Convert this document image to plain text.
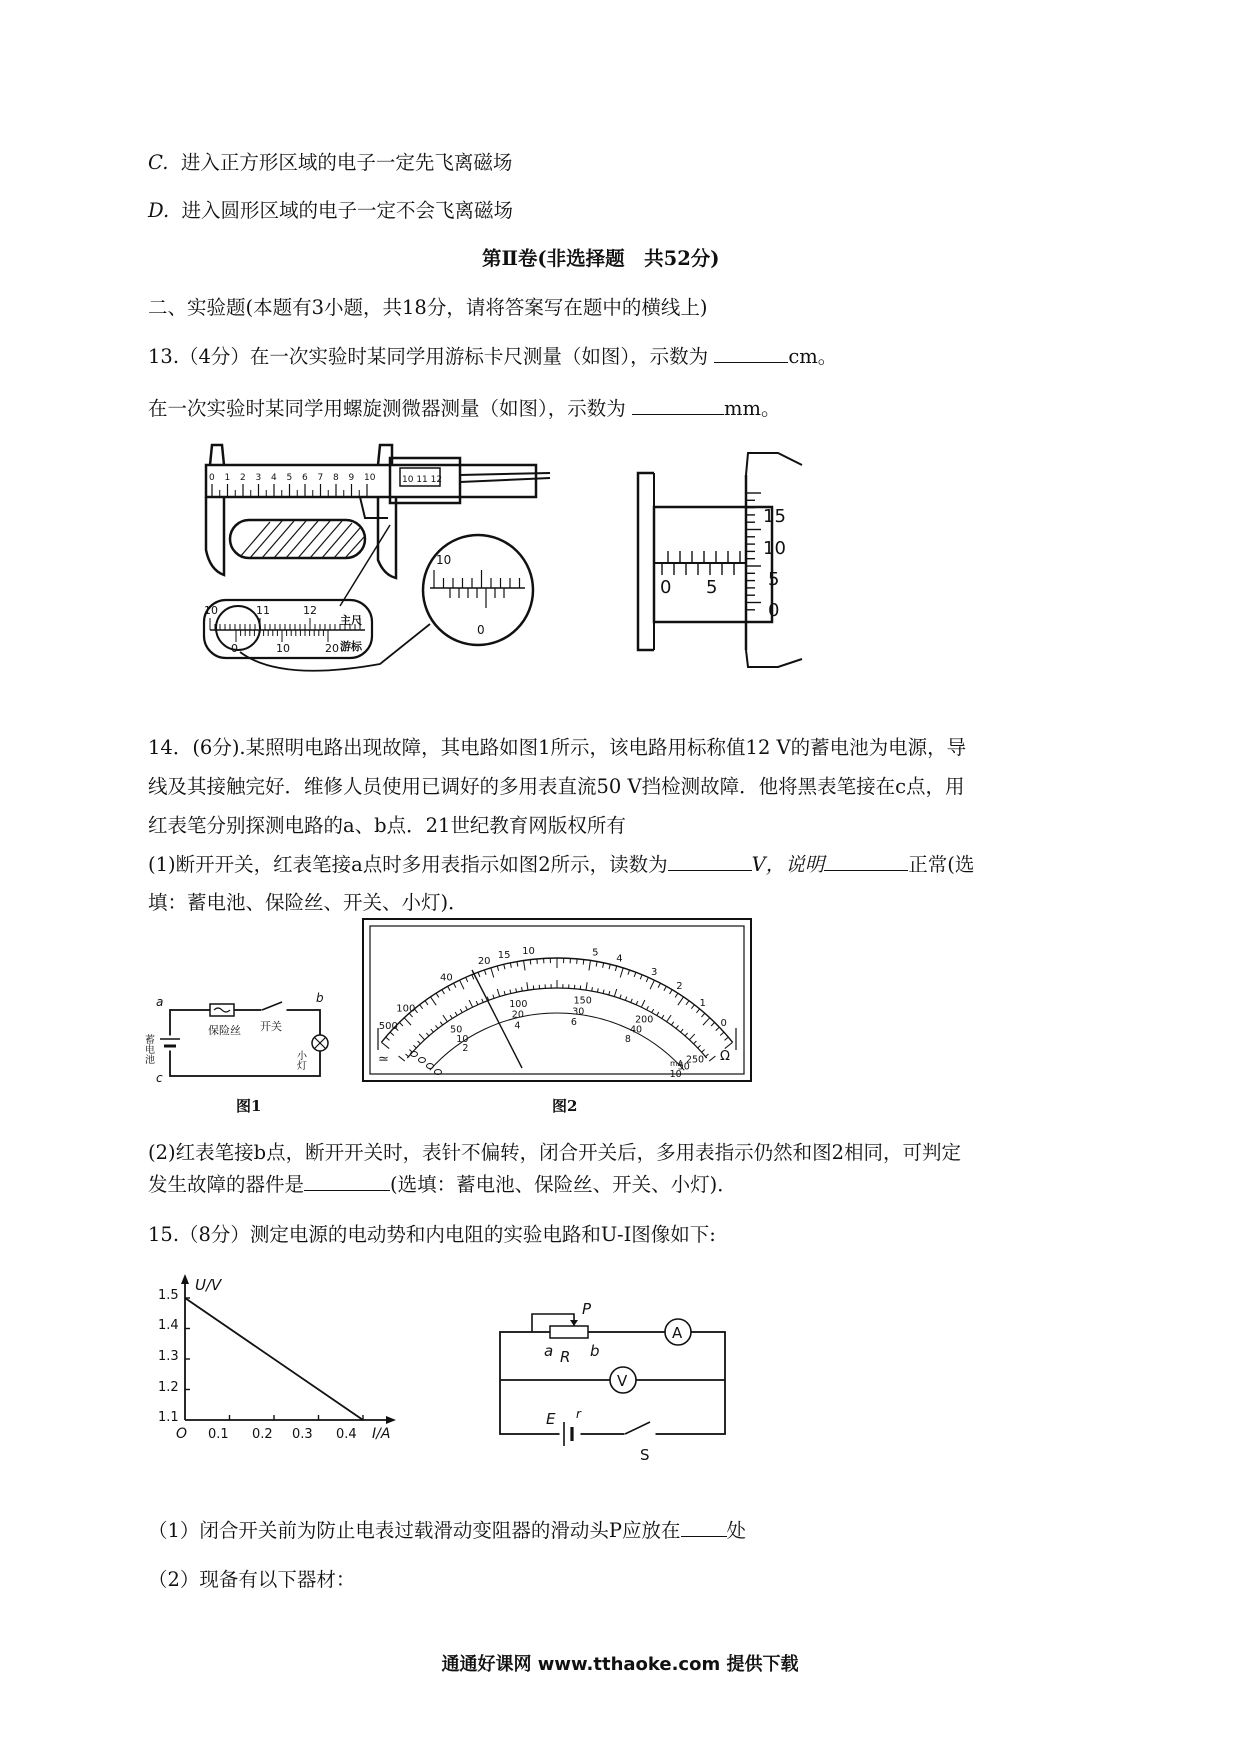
C. 进入正方形区域的电子一定先飞离磁场
D. 进入圆形区域的电子一定不会飞离磁场
第Ⅱ卷(非选择题　共52分)
二、实验题(本题有3小题，共18分，请将答案写在题中的横线上)
13.（4分）在一次实验时某同学用游标卡尺测量（如图），示数为	cm。
在一次实验时某同学用螺旋测微器测量（如图），示数为	mm。
10 11 12
0 1 2 3 4 5 6 7 8 9 10
10	11	12
0	10	20
主尺
游标
10
0
0 5
15
10
5
0
14．(6分).某照明电路出现故障，其电路如图1所示，该电路用标称值12 V的蓄电池为电源，导
线及其接触完好．维修人员使用已调好的多用表直流50 V挡检测故障．他将黑表笔接在c点，用
红表笔分别探测电路的a、b点．21世纪教育网版权所有
(1)断开开关，红表笔接a点时多用表指示如图2所示，读数为	V，说明	正常(选
填：蓄电池、保险丝、开关、小灯)．
a	b
c
保险丝 开关
蓄电池	小灯
图1
500
100
40
20
15 10	5
4
3
2
1
0
50
100	150
200
250
10
20	30
40
50
2
4	6
8
10
≃	Ω
mA
图2
(2)红表笔接b点，断开开关时，表针不偏转，闭合开关后，多用表指示仍然和图2相同，可判定
发生故障的器件是	(选填：蓄电池、保险丝、开关、小灯)．
15.（8分）测定电源的电动势和内电阻的实验电路和U-I图像如下:
U/V
I/A
O
1.5
1.4
1.3
1.2
1.1
0.1 0.2 0.3 0.4
P
a R b
A
V
E r
S
（1）闭合开关前为防止电表过载滑动变阻器的滑动头P应放在 处
（2）现备有以下器材：
通通好课网 www.tthaoke.com 提供下载
